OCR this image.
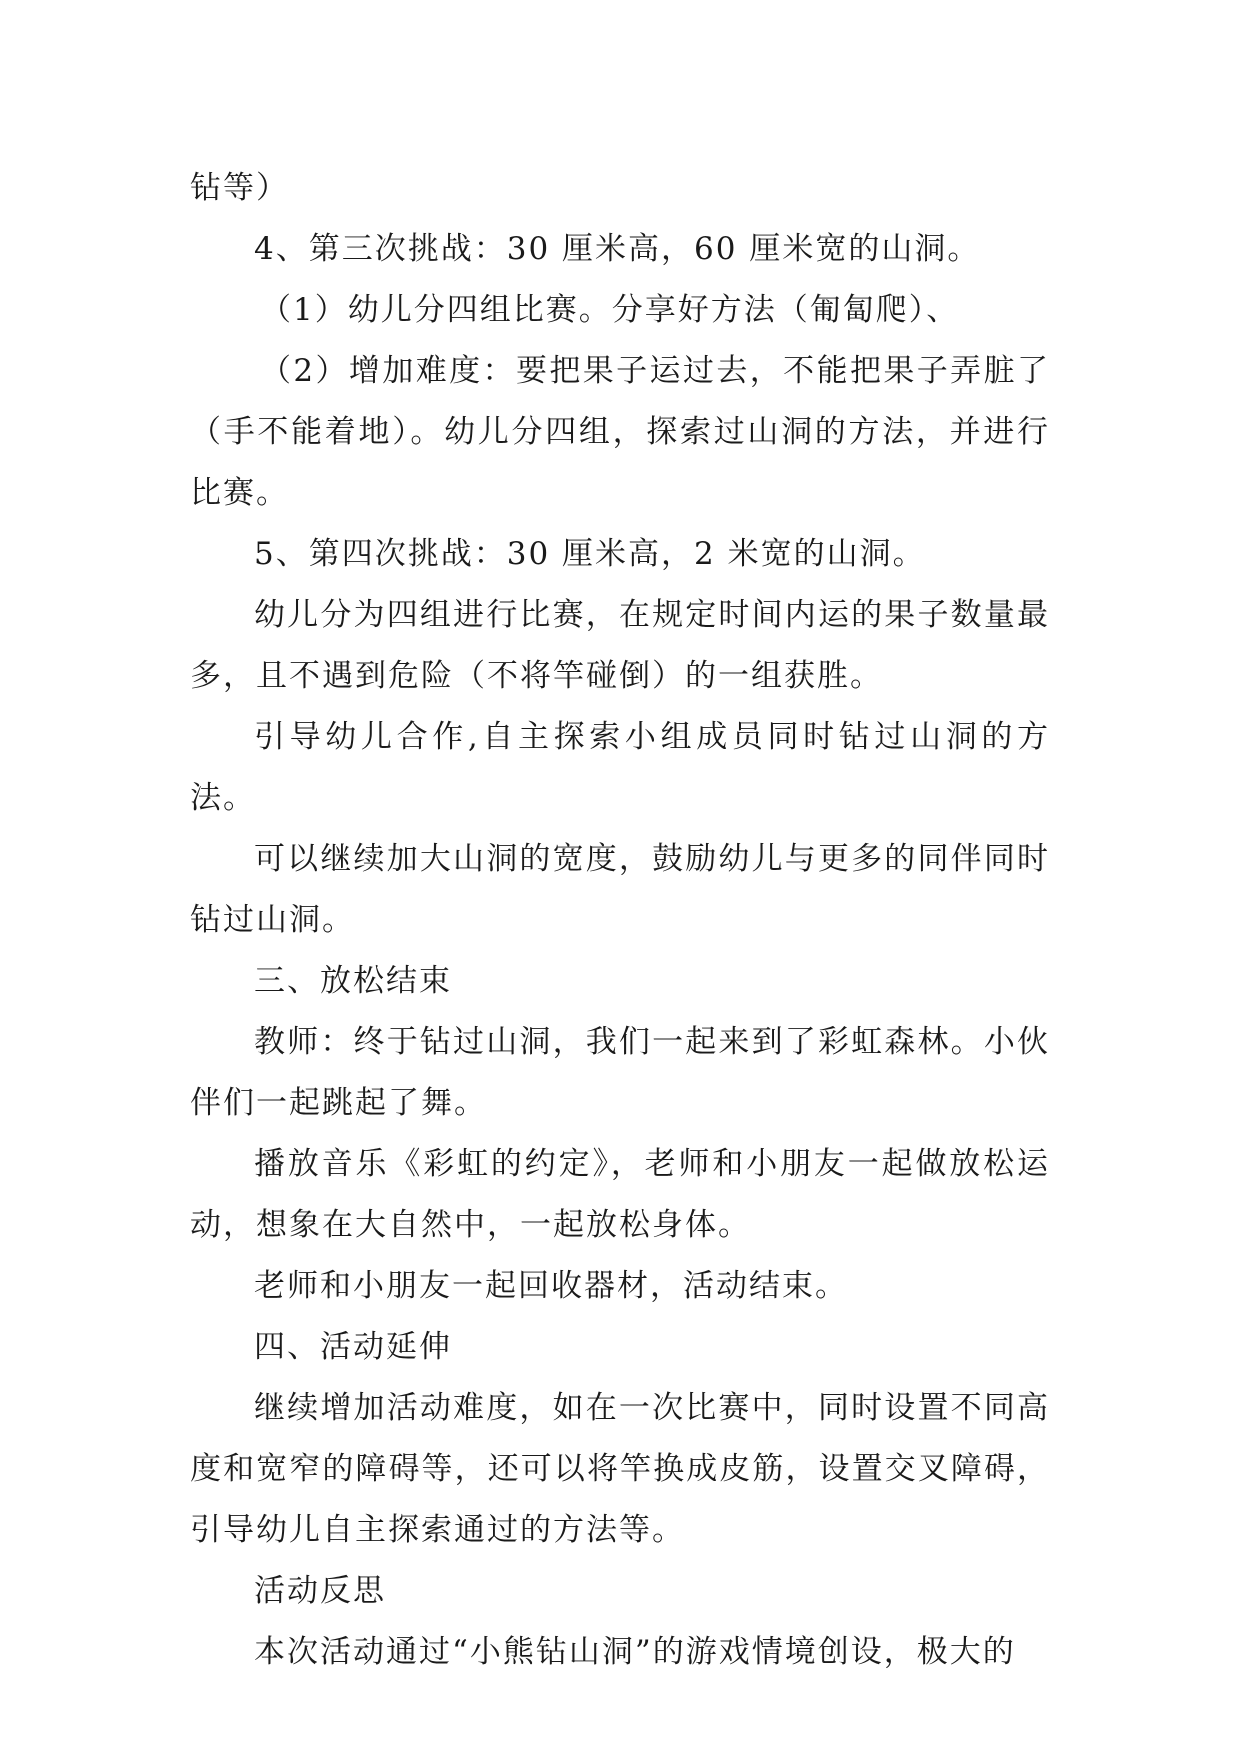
钻等）

4、第三次挑战：30 厘米高，60 厘米宽的山洞。

（1）幼儿分四组比赛。分享好方法（匍匐爬）、

（2）增加难度：要把果子运过去，不能把果子弄脏了（手不能着地）。幼儿分四组，探索过山洞的方法，并进行比赛。

5、第四次挑战：30 厘米高，2 米宽的山洞。

幼儿分为四组进行比赛，在规定时间内运的果子数量最多，且不遇到危险（不将竿碰倒）的一组获胜。

引导幼儿合作,自主探索小组成员同时钻过山洞的方法。

可以继续加大山洞的宽度，鼓励幼儿与更多的同伴同时钻过山洞。

三、放松结束

教师：终于钻过山洞，我们一起来到了彩虹森林。小伙伴们一起跳起了舞。

播放音乐《彩虹的约定》，老师和小朋友一起做放松运动，想象在大自然中，一起放松身体。

老师和小朋友一起回收器材，活动结束。

四、活动延伸

继续增加活动难度，如在一次比赛中，同时设置不同高度和宽窄的障碍等，还可以将竿换成皮筋，设置交叉障碍，引导幼儿自主探索通过的方法等。

活动反思

本次活动通过“小熊钻山洞”的游戏情境创设，极大的
